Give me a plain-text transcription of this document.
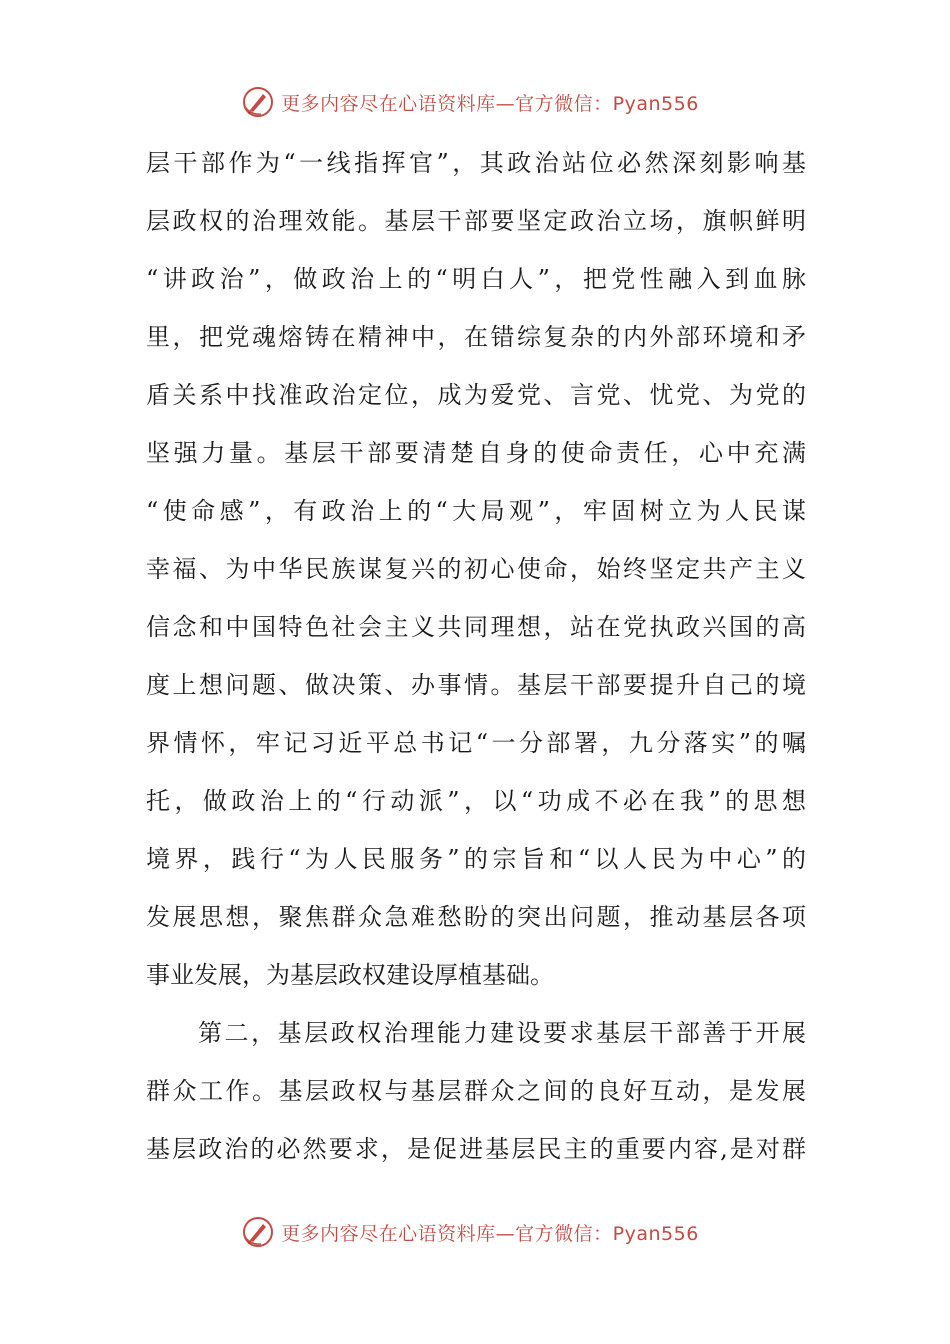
更多内容尽在心语资料库—官方微信：Pyan556
层干部作为“一线指挥官”，其政治站位必然深刻影响基
层政权的治理效能。基层干部要坚定政治立场，旗帜鲜明
“讲政治”，做政治上的“明白人”，把党性融入到血脉
里，把党魂熔铸在精神中，在错综复杂的内外部环境和矛
盾关系中找准政治定位，成为爱党、言党、忧党、为党的
坚强力量。基层干部要清楚自身的使命责任，心中充满
“使命感”，有政治上的“大局观”，牢固树立为人民谋
幸福、为中华民族谋复兴的初心使命，始终坚定共产主义
信念和中国特色社会主义共同理想，站在党执政兴国的高
度上想问题、做决策、办事情。基层干部要提升自己的境
界情怀，牢记习近平总书记“一分部署，九分落实”的嘱
托，做政治上的“行动派”，以“功成不必在我”的思想
境界，践行“为人民服务”的宗旨和“以人民为中心”的
发展思想，聚焦群众急难愁盼的突出问题，推动基层各项
事业发展，为基层政权建设厚植基础。
第二，基层政权治理能力建设要求基层干部善于开展
群众工作。基层政权与基层群众之间的良好互动，是发展
基层政治的必然要求，是促进基层民主的重要内容,是对群
更多内容尽在心语资料库—官方微信：Pyan556
